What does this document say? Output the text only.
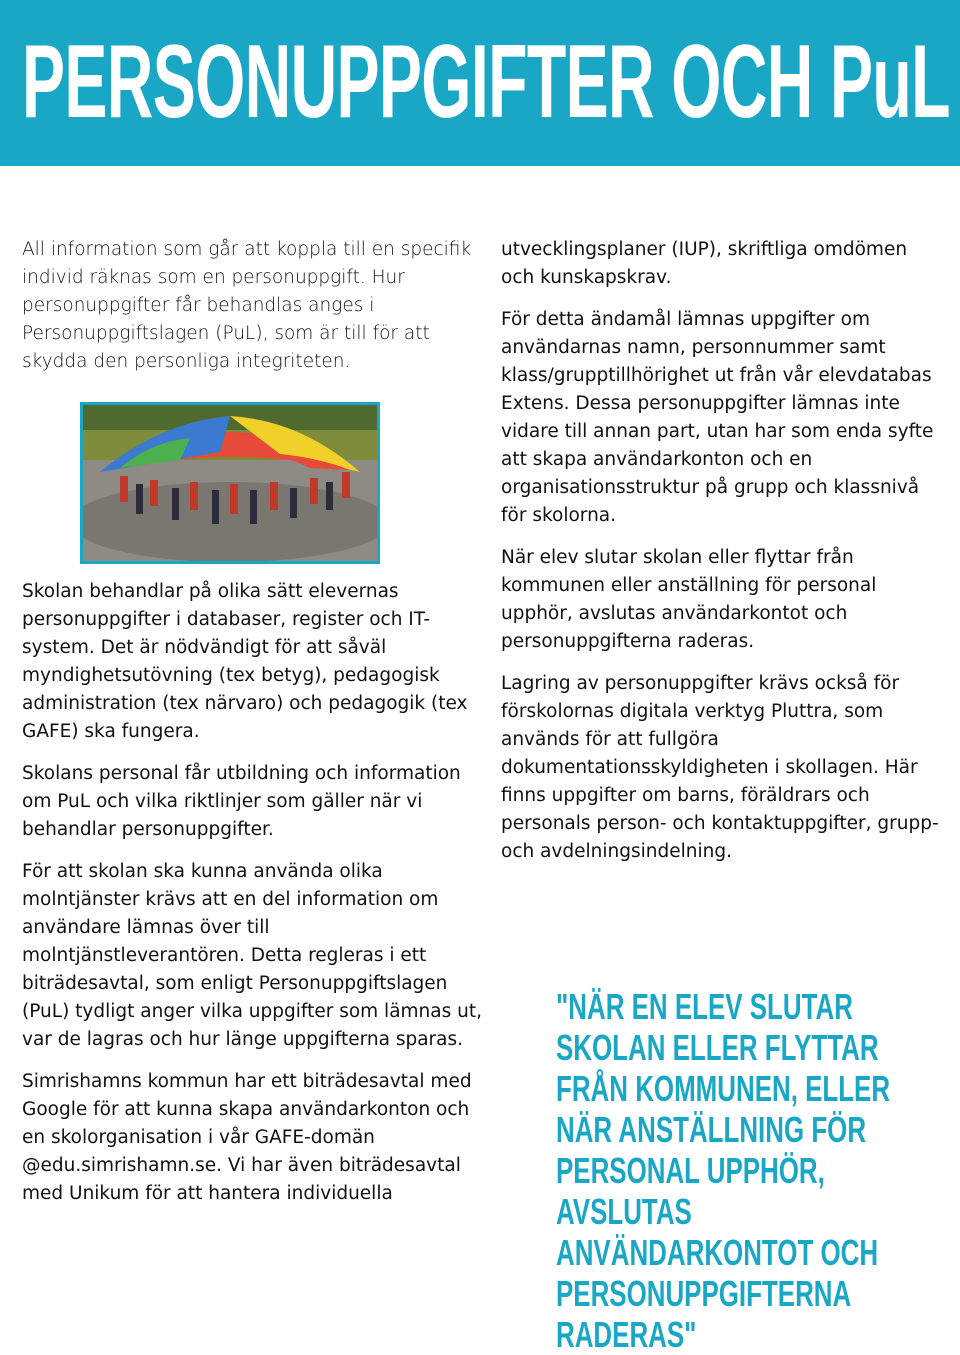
PERSONUPPGIFTER OCH PuL
All information som går att koppla till en specifik individ räknas som en personuppgift. Hur personuppgifter får behandlas anges i Personuppgiftslagen (PuL), som är till för att skydda den personliga integriteten.

Skolan behandlar på olika sätt elevernas personuppgifter i databaser, register och IT-system. Det är nödvändigt för att såväl myndighetsutövning (tex betyg), pedagogisk administration (tex närvaro) och pedagogik (tex GAFE) ska fungera.

Skolans personal får utbildning och information om PuL och vilka riktlinjer som gäller när vi behandlar personuppgifter.

För att skolan ska kunna använda olika molntjänster krävs att en del information om användare lämnas över till molntjänstleverantören. Detta regleras i ett biträdesavtal, som enligt Personuppgiftslagen (PuL) tydligt anger vilka uppgifter som lämnas ut, var de lagras och hur länge uppgifterna sparas.

Simrishamns kommun har ett biträdesavtal med Google för att kunna skapa användarkonton och en skolorganisation i vår GAFE-domän @edu.simrishamn.se. Vi har även biträdesavtal med Unikum för att hantera individuella

utvecklingsplaner (IUP), skriftliga omdömen och kunskapskrav.

För detta ändamål lämnas uppgifter om användarnas namn, personnummer samt klass/grupptillhörighet ut från vår elevdatabas Extens. Dessa personuppgifter lämnas inte vidare till annan part, utan har som enda syfte att skapa användarkonton och en organisationsstruktur på grupp och klassnivå för skolorna.

När elev slutar skolan eller flyttar från kommunen eller anställning för personal upphör, avslutas användarkontot och personuppgifterna raderas.

Lagring av personuppgifter krävs också för förskolornas digitala verktyg Pluttra, som används för att fullgöra dokumentationsskyldigheten i skollagen. Här finns uppgifter om barns, föräldrars och personals person- och kontaktuppgifter, grupp- och avdelningsindelning.

"NÄR EN ELEV SLUTAR SKOLAN ELLER FLYTTAR FRÅN KOMMUNEN, ELLER NÄR ANSTÄLLNING FÖR PERSONAL UPPHÖR, AVSLUTAS ANVÄNDARKONTOT OCH PERSONUPPGIFTERNA RADERAS"
